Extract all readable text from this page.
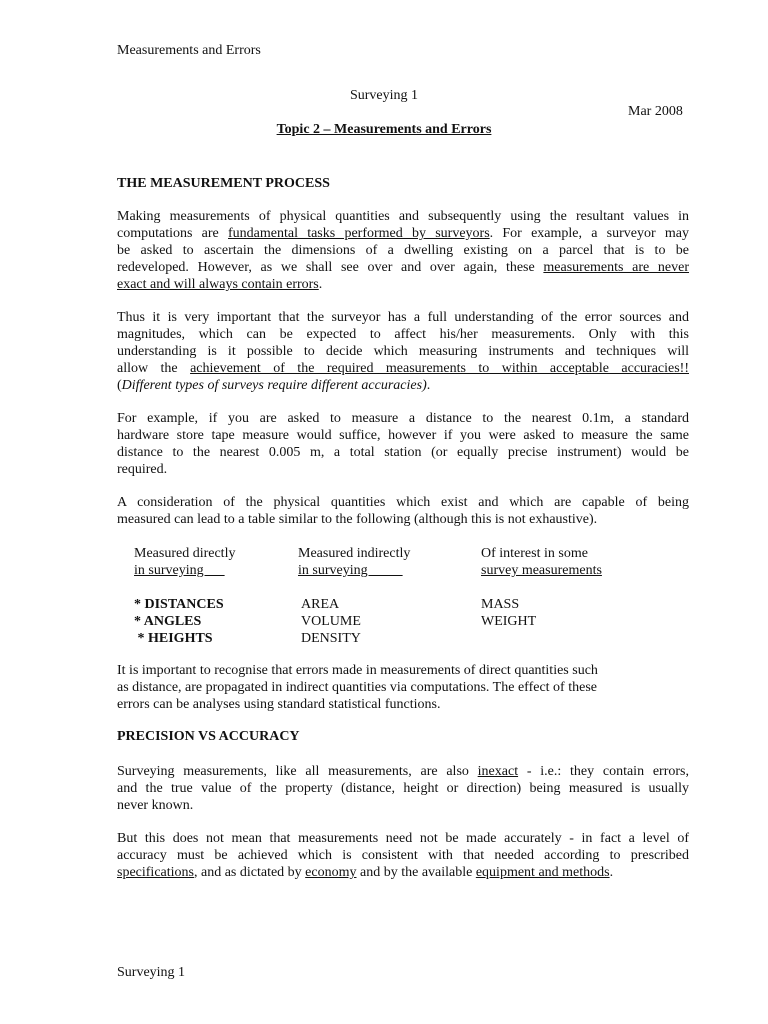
Measurements and Errors
Surveying 1
Mar 2008
Topic 2 – Measurements and Errors
THE MEASUREMENT PROCESS

Making measurements of physical quantities and subsequently using the resultant values in
computations are fundamental tasks performed by surveyors. For example, a surveyor may
be asked to ascertain the dimensions of a dwelling existing on a parcel that is to be
redeveloped. However, as we shall see over and over again, these measurements are never
exact and will always contain errors.

Thus it is very important that the surveyor has a full understanding of the error sources and
magnitudes, which can be expected to affect his/her measurements. Only with this
understanding is it possible to decide which measuring instruments and techniques will
allow the achievement of the required measurements to within acceptable accuracies!!
(Different types of surveys require different accuracies).

For example, if you are asked to measure a distance to the nearest 0.1m, a standard
hardware store tape measure would suffice, however if you were asked to measure the same
distance to the nearest 0.005 m, a total station (or equally precise instrument) would be
required.

A consideration of the physical quantities which exist and which are capable of being
measured can lead to a table similar to the following (although this is not exhaustive).

Measured directly
in surveying
* DISTANCES
* ANGLES
* HEIGHTS
Measured indirectly
in surveying
AREA
VOLUME
DENSITY
Of interest in some
survey measurements
MASS
WEIGHT

It is important to recognise that errors made in measurements of direct quantities such
as distance, are propagated in indirect quantities via computations. The effect of these
errors can be analyses using standard statistical functions.

PRECISION VS ACCURACY

Surveying measurements, like all measurements, are also inexact - i.e.: they contain errors,
and the true value of the property (distance, height or direction) being measured is usually
never known.

But this does not mean that measurements need not be made accurately - in fact a level of
accuracy must be achieved which is consistent with that needed according to prescribed
specifications, and as dictated by economy and by the available equipment and methods.

Surveying 1
